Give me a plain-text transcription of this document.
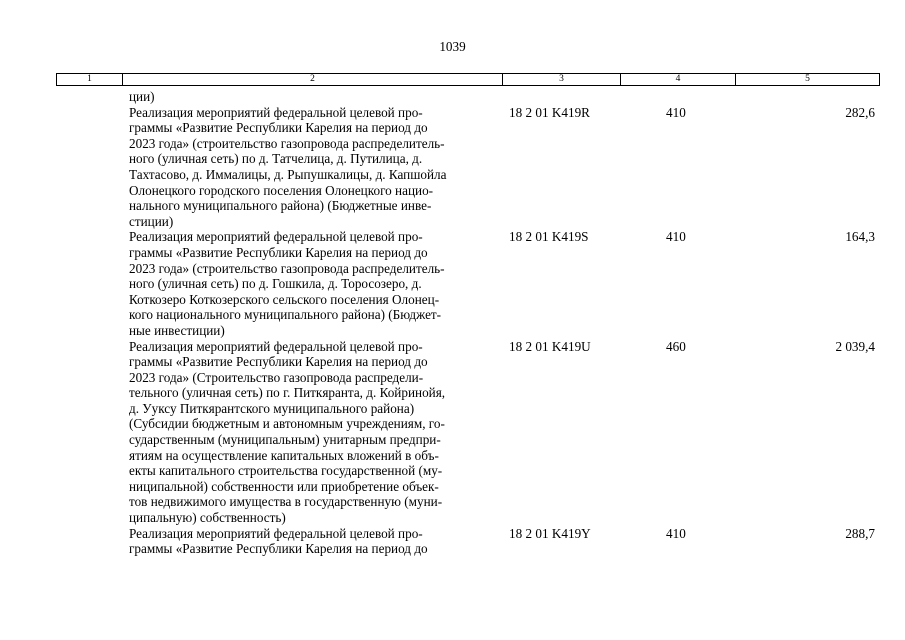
1039
1	2	3	4	5
ции)
Реализация мероприятий федеральной целевой про-
граммы «Развитие Республики Карелия на период до
2023 года» (строительство газопровода распределитель-
ного (уличная сеть) по д. Татчелица, д. Путилица, д.
Тахтасово, д. Иммалицы, д. Рыпушкалицы, д. Капшойла
Олонецкого городского поселения Олонецкого нацио-
нального муниципального района) (Бюджетные инве-
стиции)
18 2 01 K419R	410	282,6
Реализация мероприятий федеральной целевой про-
граммы «Развитие Республики Карелия на период до
2023 года» (строительство газопровода распределитель-
ного (уличная сеть) по д. Гошкила, д. Торосозеро, д.
Коткозеро Коткозерского сельского поселения Олонец-
кого национального муниципального района) (Бюджет-
ные инвестиции)
18 2 01 K419S	410	164,3
Реализация мероприятий федеральной целевой про-
граммы «Развитие Республики Карелия на период до
2023 года» (Строительство газопровода распредели-
тельного (уличная сеть) по г. Питкяранта, д. Койринойя,
д. Ууксу Питкярантского муниципального района)
(Субсидии бюджетным и автономным учреждениям, го-
сударственным (муниципальным) унитарным предпри-
ятиям на осуществление капитальных вложений в объ-
екты капитального строительства государственной (му-
ниципальной) собственности или приобретение объек-
тов недвижимого имущества в государственную (муни-
ципальную) собственность)
18 2 01 K419U	460	2 039,4
Реализация мероприятий федеральной целевой про-
граммы «Развитие Республики Карелия на период до
18 2 01 K419Y	410	288,7
